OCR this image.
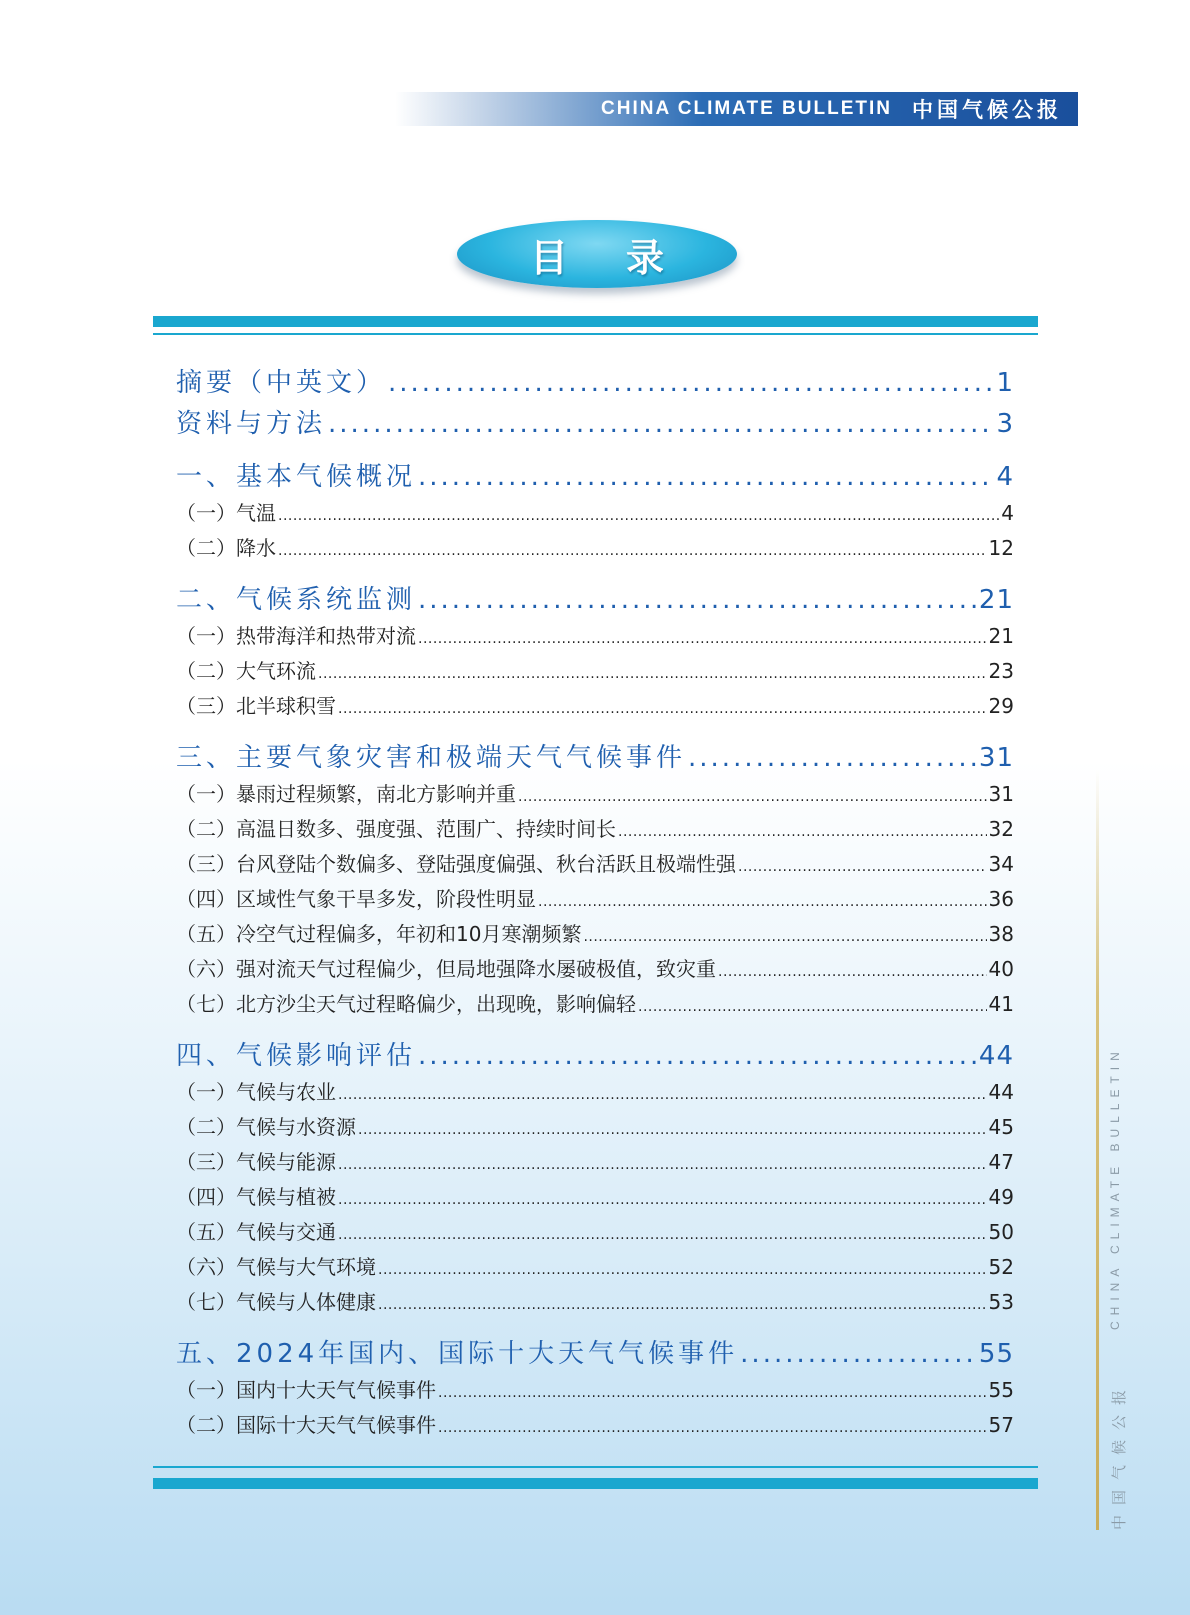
CHINA CLIMATE BULLETIN 中国气候公报
目录
摘要（中英文） .....	1
资料与方法 .....	3
一、基本气候概况 .....	4
（一）气温 .....	4
（二）降水 .....	12
二、气候系统监测 .....	21
（一）热带海洋和热带对流 .....	21
（二）大气环流 .....	23
（三）北半球积雪 .....	29
三、主要气象灾害和极端天气气候事件 .....	31
（一）暴雨过程频繁，南北方影响并重 .....	31
（二）高温日数多、强度强、范围广、持续时间长 .....	32
（三）台风登陆个数偏多、登陆强度偏强、秋台活跃且极端性强 .....	34
（四）区域性气象干旱多发，阶段性明显 .....	36
（五）冷空气过程偏多，年初和10月寒潮频繁 .....	38
（六）强对流天气过程偏少，但局地强降水屡破极值，致灾重 .....	40
（七）北方沙尘天气过程略偏少，出现晚，影响偏轻 .....	41
四、气候影响评估 .....	44
（一）气候与农业 .....	44
（二）气候与水资源 .....	45
（三）气候与能源 .....	47
（四）气候与植被 .....	49
（五）气候与交通 .....	50
（六）气候与大气环境 .....	52
（七）气候与人体健康 .....	53
五、2024年国内、国际十大天气气候事件 .....	55
（一）国内十大天气气候事件 .....	55
（二）国际十大天气气候事件 .....	57
CHINA CLIMATE BULLETIN
中国气候公报
